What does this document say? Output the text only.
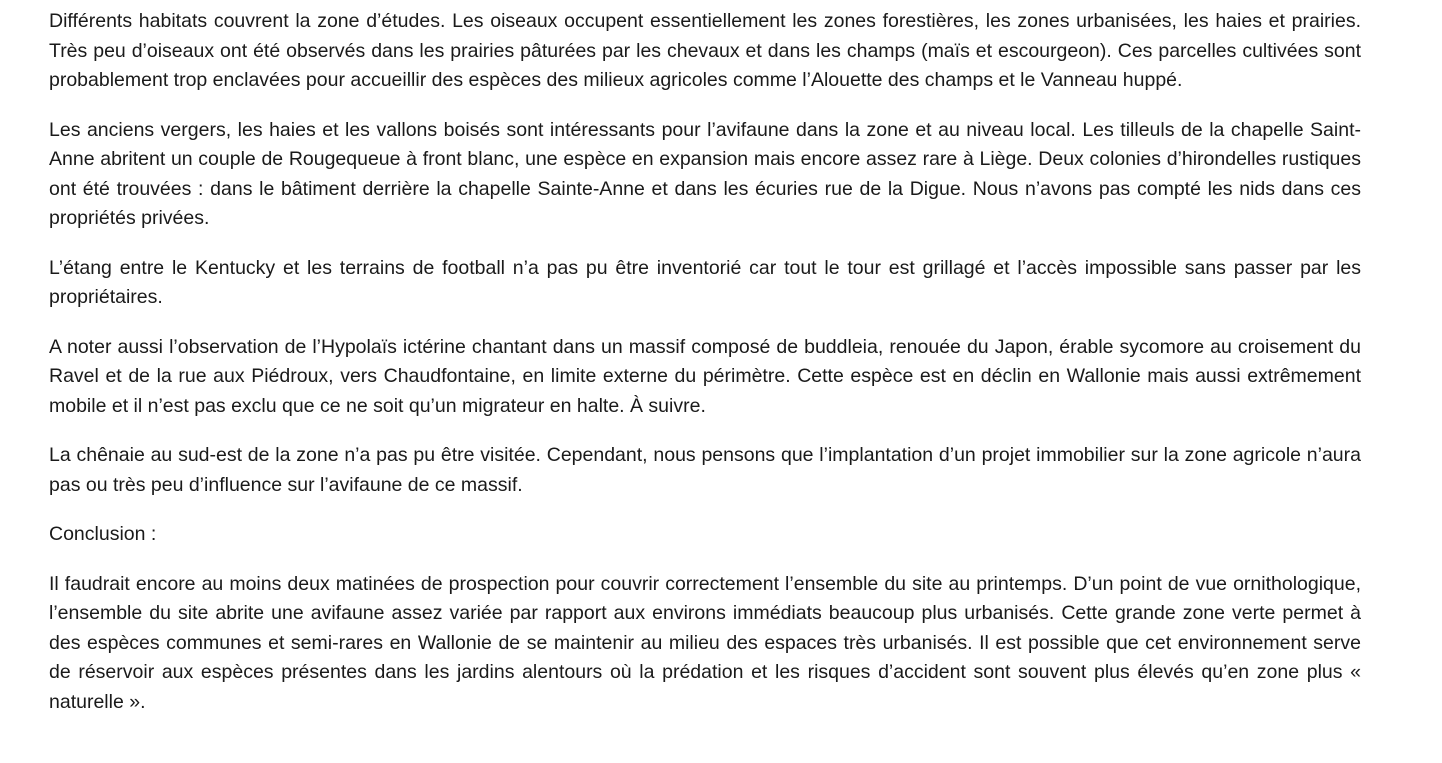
Différents habitats couvrent la zone d’études. Les oiseaux occupent essentiellement les zones forestières, les zones urbanisées, les haies et prairies. Très peu d’oiseaux ont été observés dans les prairies pâturées par les chevaux et dans les champs (maïs et escourgeon). Ces parcelles cultivées sont probablement trop enclavées pour accueillir des espèces des milieux agricoles comme l’Alouette des champs et le Vanneau huppé.

Les anciens vergers, les haies et les vallons boisés sont intéressants pour l’avifaune dans la zone et au niveau local. Les tilleuls de la chapelle Saint-Anne abritent un couple de Rougequeue à front blanc, une espèce en expansion mais encore assez rare à Liège. Deux colonies d’hirondelles rustiques ont été trouvées : dans le bâtiment derrière la chapelle Sainte-Anne et dans les écuries rue de la Digue. Nous n’avons pas compté les nids dans ces propriétés privées.

L’étang entre le Kentucky et les terrains de football n’a pas pu être inventorié car tout le tour est grillagé et l’accès impossible sans passer par les propriétaires.

A noter aussi l’observation de l’Hypolaïs ictérine chantant dans un massif composé de buddleia, renouée du Japon, érable sycomore au croisement du Ravel et de la rue aux Piédroux, vers Chaudfontaine, en limite externe du périmètre. Cette espèce est en déclin en Wallonie mais aussi extrêmement mobile et il n’est pas exclu que ce ne soit qu’un migrateur en halte. À suivre.

La chênaie au sud-est de la zone n’a pas pu être visitée. Cependant, nous pensons que l’implantation d’un projet immobilier sur la zone agricole n’aura pas ou très peu d’influence sur l’avifaune de ce massif.

Conclusion :

Il faudrait encore au moins deux matinées de prospection pour couvrir correctement l’ensemble du site au printemps. D’un point de vue ornithologique, l’ensemble du site abrite une avifaune assez variée par rapport aux environs immédiats beaucoup plus urbanisés. Cette grande zone verte permet à des espèces communes et semi-rares en Wallonie de se maintenir au milieu des espaces très urbanisés. Il est possible que cet environnement serve de réservoir aux espèces présentes dans les jardins alentours où la prédation et les risques d’accident sont souvent plus élevés qu’en zone plus « naturelle ».
